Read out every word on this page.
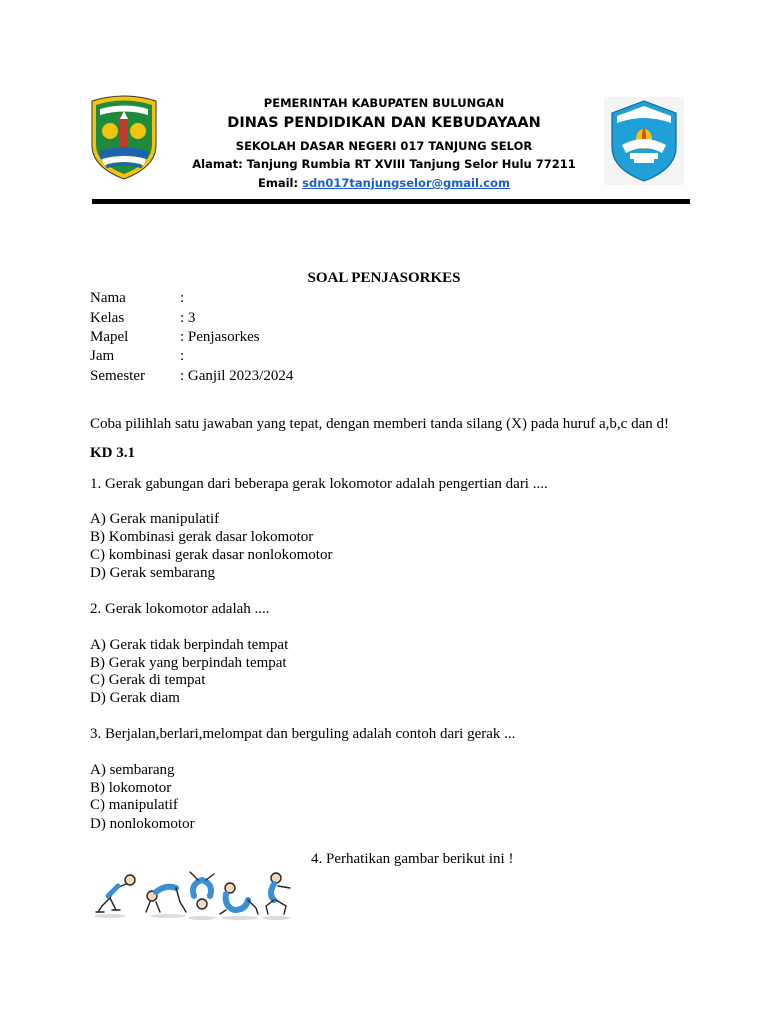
PEMERINTAH KABUPATEN BULUNGAN
DINAS PENDIDIKAN DAN KEBUDAYAAN
SEKOLAH DASAR NEGERI 017 TANJUNG SELOR
Alamat: Tanjung Rumbia RT XVIII Tanjung Selor Hulu 77211
Email: sdn017tanjungselor@gmail.com
SOAL PENJASORKES
Nama	:
Kelas	: 3
Mapel	: Penjasorkes
Jam	:
Semester : Ganjil 2023/2024
Coba pilihlah satu jawaban yang tepat, dengan memberi tanda silang (X) pada huruf a,b,c dan d!
KD 3.1
1. Gerak gabungan dari beberapa gerak lokomotor adalah pengertian dari ....
A) Gerak manipulatif
B) Kombinasi gerak dasar lokomotor
C) kombinasi gerak dasar nonlokomotor
D) Gerak sembarang
2. Gerak lokomotor adalah ....
A) Gerak tidak berpindah tempat
B) Gerak yang berpindah tempat
C) Gerak di tempat
D) Gerak diam
3. Berjalan,berlari,melompat dan berguling adalah contoh dari gerak ...
A) sembarang
B) lokomotor
C) manipulatif
D) nonlokomotor
4. Perhatikan gambar berikut ini !
